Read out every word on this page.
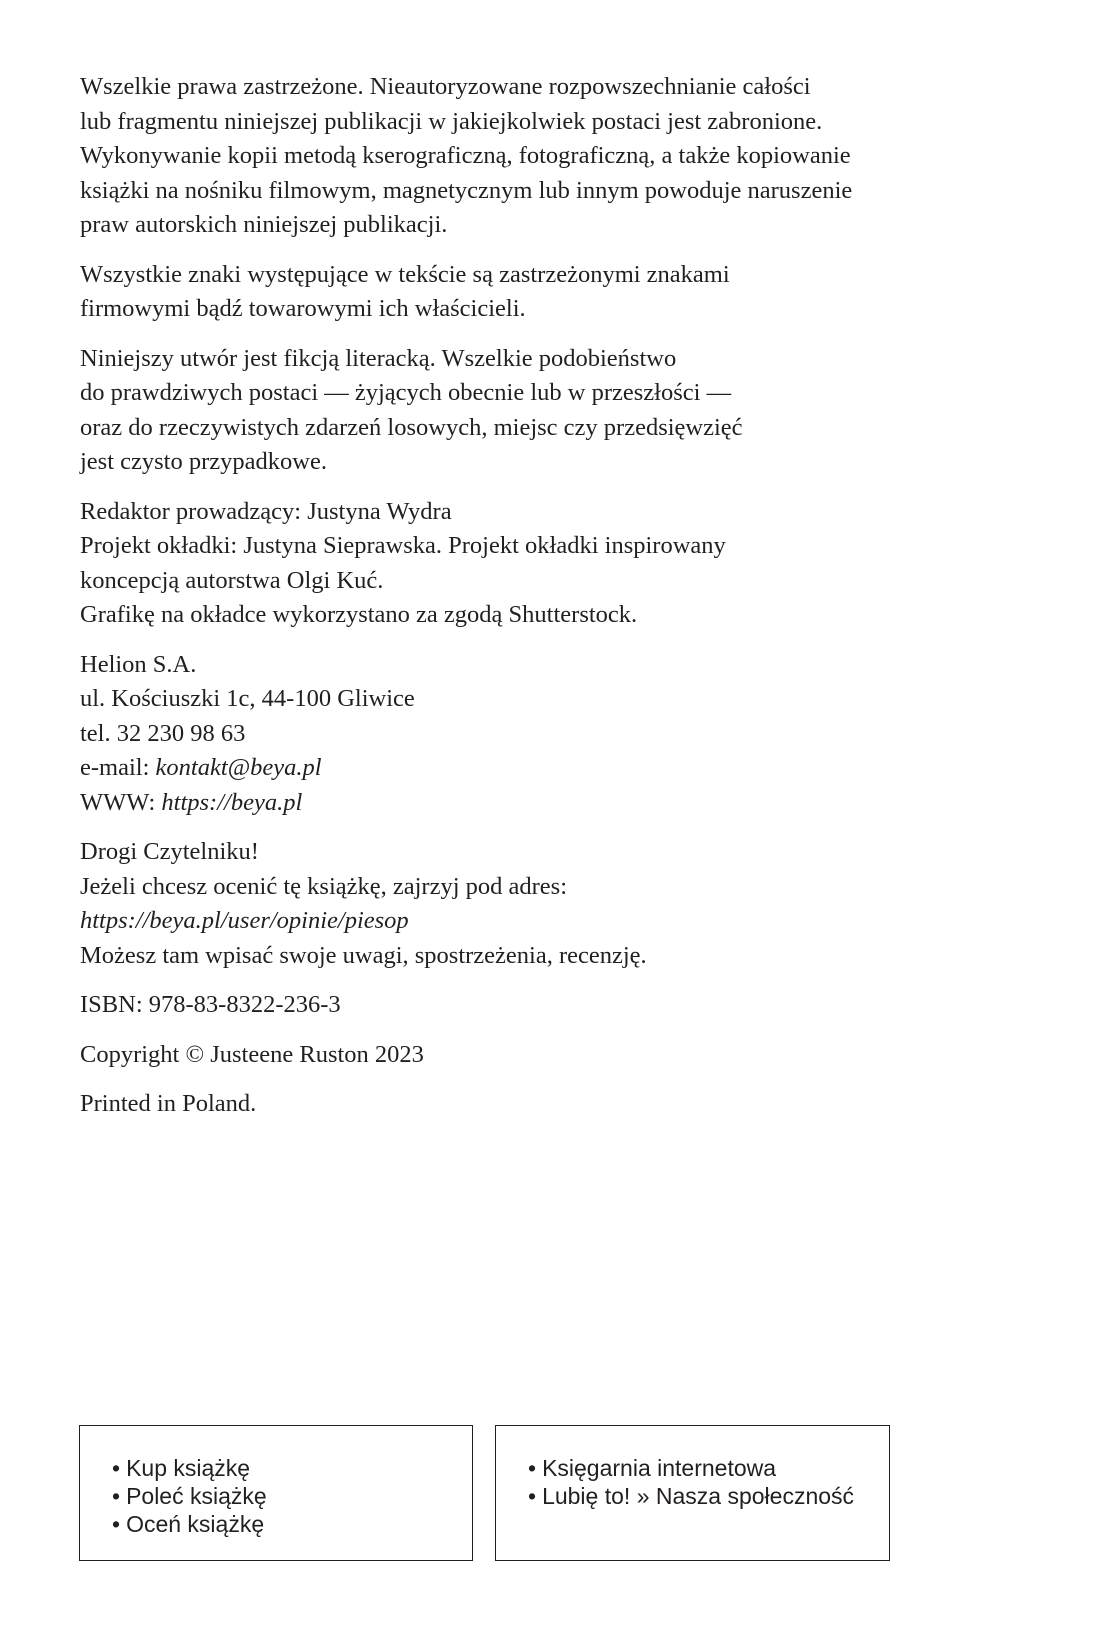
Wszelkie prawa zastrzeżone. Nieautoryzowane rozpowszechnianie całości
lub fragmentu niniejszej publikacji w jakiejkolwiek postaci jest zabronione.
Wykonywanie kopii metodą kserograficzną, fotograficzną, a także kopiowanie
książki na nośniku filmowym, magnetycznym lub innym powoduje naruszenie
praw autorskich niniejszej publikacji.

Wszystkie znaki występujące w tekście są zastrzeżonymi znakami
firmowymi bądź towarowymi ich właścicieli.

Niniejszy utwór jest fikcją literacką. Wszelkie podobieństwo
do prawdziwych postaci — żyjących obecnie lub w przeszłości —
oraz do rzeczywistych zdarzeń losowych, miejsc czy przedsięwzięć
jest czysto przypadkowe.

Redaktor prowadzący: Justyna Wydra
Projekt okładki: Justyna Sieprawska. Projekt okładki inspirowany
koncepcją autorstwa Olgi Kuć.
Grafikę na okładce wykorzystano za zgodą Shutterstock.

Helion S.A.
ul. Kościuszki 1c, 44-100 Gliwice
tel. 32 230 98 63
e-mail: kontakt@beya.pl
WWW: https://beya.pl

Drogi Czytelniku!
Jeżeli chcesz ocenić tę książkę, zajrzyj pod adres:
https://beya.pl/user/opinie/piesop
Możesz tam wpisać swoje uwagi, spostrzeżenia, recenzję.

ISBN: 978-83-8322-236-3

Copyright © Justeene Ruston 2023

Printed in Poland.

• Kup książkę
• Poleć książkę
• Oceń książkę
• Księgarnia internetowa
• Lubię to! » Nasza społeczność
